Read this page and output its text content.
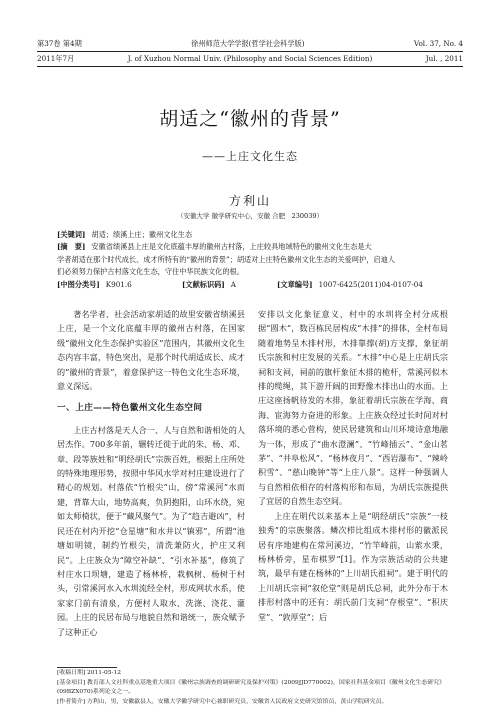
第37卷 第4期	徐州师范大学学报(哲学社会科学版)	Vol. 37, No. 4
2011年7月	J. of Xuzhou Normal Univ. (Philosophy and Social Sciences Edition)	Jul. , 2011
胡适之“徽州的背景”
——上庄文化生态
方利山
（安徽大学 徽学研究中心，安徽 合肥　230039）
[关键词] 胡适；绩溪上庄；徽州文化生态
[摘　要] 安徽省绩溪县上庄是文化底蕴丰厚的徽州古村落，上庄较具地域特色的徽州文化生态是大
学者胡适在那个时代成长、成才所特有的“徽州的背景”；胡适对上庄特色徽州文化生态的关爱呵护，启迪人
们必须努力保护古村落文化生态，守住中华民族文化的根。
[中图分类号] K901.6	[文献标识码] A	[文章编号] 1007-6425(2011)04-0107-04

著名学者、社会活动家胡适的故里安徽省绩溪县上庄，是一个文化底蕴丰厚的徽州古村落，在国家级“徽州文化生态保护实验区”范围内，其徽州文化生态内容丰富，特色突出，是那个时代胡适成长、成才的“徽州的背景”，着意保护这一特色文化生态环境，意义深远。

一、上庄——特色徽州文化生态空间

上庄古村落是天人合一、人与自然和谐相处的人居杰作。700多年前，辗转迁徙于此的朱、杨、邓、章、段等族姓和“明经胡氏”宗族百姓，根据上庄所处的特殊地理形势，按照中华风水学对村庄建设进行了精心的规划。村落依“竹根尖”山，傍“常溪河”水而建，背靠大山，地势高爽，负阴抱阳，山环水绕，宛如太师椅状，便于“藏风聚气”。为了“趋吉避凶”，村民还在村内开挖“仓星塘”和水井以“镇邪”，所谓“池塘如明镜，制约竹根尖，清洗兼防火，护庄又利民”。上庄族众为“障空补缺”、“引水补基”，修筑了村庄水口坝塘，建造了杨林桥，栽枫树、杨树于村头，引常溪河水入水圳流经全村，形成网状水系，使家家门前有清泉，方便村人取水、洗涤、浇花、灌园。上庄的民居布局与地貌自然和谐统一，族众赋予了这种正心

安排以文化象征意义，村中的水圳将全村分成根据“圆木”，数百栋民居构成“木排”的排体，全村布局随着地势呈木排村形，木排靠撑(胡)方支撑，象征胡氏宗族和村庄发展的关系。“木排”中心是上庄胡氏宗祠和支祠，祠前的旗杆象征木排的桅杆，常溪河似木排的缆绳，其下游开阔的田野像木排出山的水面。上庄这座扬帆待发的木排，象征着胡氏宗族在学海、商海、宦海努力奋进的形象。上庄族众经过长时间对村落环境的悉心营构，使民居建筑和山川环境诗意地融为一体，形成了“曲水澄澜”、“竹峰插云”、“金山茗茅”、“井阜松风”、“杨林夜月”、“西岩瀑布”、“辣岭积雪”、“慈山晚钟”等“上庄八景”。这样一种强调人与自然相依相存的村落构形和布局，为胡氏宗族提供了宜居的自然生态空间。

上庄在明代以来基本上是“明经胡氏”宗族“一枝独秀”的宗族聚落。鳞次栉比组成木排村形的徽派民居有序地建构在常河溪边，“竹竿峰前，山萦水秉，杨林桥旁，星布棋罗”[1]。作为宗族活动的公共建筑，最早有建在杨林的“上川胡氏祖祠”。建于明代的上川胡氏宗祠“叙伦堂”则是胡氏总祠，此外分布于木排形村落中的还有：胡氏前门支祠“存根堂”、“积庆堂”、“敦厚堂”；后

[收稿日期] 2011-05-12

[基金项目] 教育部人文社科重点基地重大项目《徽州宗族调查的调研研究及保护对策》(2009JJD770002)，国家社科基金项目《徽州文化生态研究》(09BZX070)系列论文之一。

[作者简介] 方利山，男，安徽歙县人，安徽大学徽学研究中心兼职研究员，安徽省人民政府文史研究馆馆员，黄山学院研究员。
